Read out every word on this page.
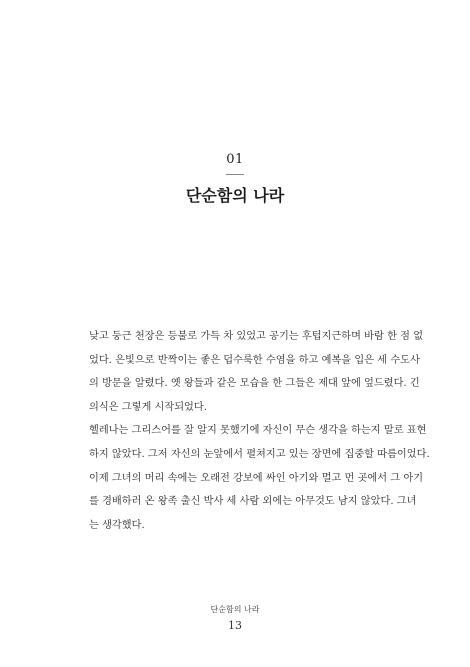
01
단순함의 나라
낮고 둥근 천장은 등불로 가득 차 있었고 공기는 후텁지근하며 바람 한 점 없
었다. 은빛으로 반짝이는 좋은 덥수룩한 수염을 하고 예복을 입은 세 수도사
의 방문을 알렸다. 옛 왕들과 같은 모습을 한 그들은 제대 앞에 엎드렸다. 긴
의식은 그렇게 시작되었다.
헬레나는 그리스어를 잘 알지 못했기에 자신이 무슨 생각을 하는지 말로 표현
하지 않았다. 그저 자신의 눈앞에서 펼쳐지고 있는 장면에 집중할 따름이었다.
이제 그녀의 머리 속에는 오래전 강보에 싸인 아기와 멀고 먼 곳에서 그 아기
를 경배하러 온 왕족 출신 박사 세 사람 외에는 아무것도 남지 않았다. 그녀
는 생각했다.
단순함의 나라
13
